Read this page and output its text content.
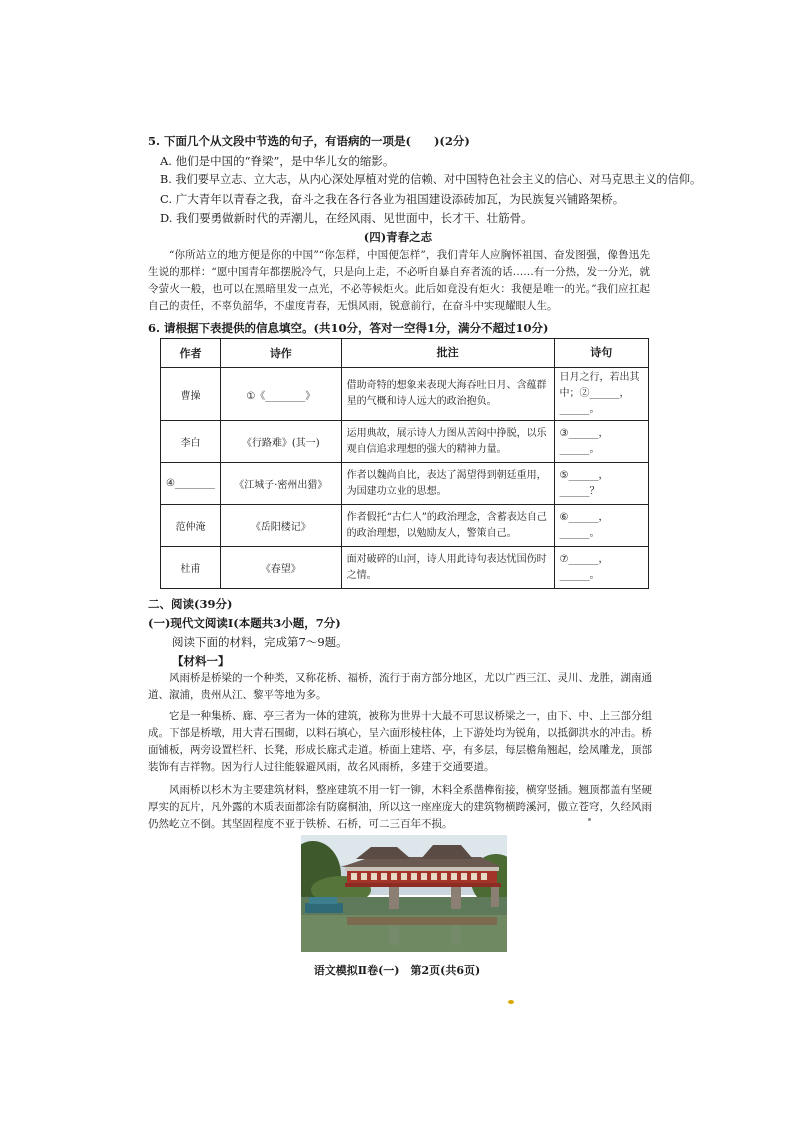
5. 下面几个从文段中节选的句子，有语病的一项是(　　)(2分)
A. 他们是中国的“脊梁”，是中华儿女的缩影。
B. 我们要早立志、立大志，从内心深处厚植对党的信赖、对中国特色社会主义的信心、对马克思主义的信仰。
C. 广大青年以青春之我，奋斗之我在各行各业为祖国建设添砖加瓦，为民族复兴铺路架桥。
D. 我们要勇做新时代的弄潮儿，在经风雨、见世面中，长才干、壮筋骨。
(四)青春之志
“你所站立的地方便是你的中国”“你怎样，中国便怎样”，我们青年人应胸怀祖国、奋发图强，像鲁迅先生说的那样：“愿中国青年都摆脱冷气，只是向上走，不必听自暴自弃者流的话……有一分热，发一分光，就令萤火一般，也可以在黑暗里发一点光，不必等候炬火。此后如竟没有炬火：我便是唯一的光。”我们应扛起自己的责任，不辜负韶华，不虚度青春，无惧风雨，锐意前行，在奋斗中实现耀眼人生。
6. 请根据下表提供的信息填空。(共10分，答对一空得1分，满分不超过10分)
作者	诗作	批注	诗句
曹操	①《________》	借助奇特的想象来表现大海吞吐日月、含蕴群星的气概和诗人远大的政治抱负。	日月之行，若出其中；②______，______。
李白	《行路难》(其一)	运用典故，展示诗人力图从苦闷中挣脱，以乐观自信追求理想的强大的精神力量。	③______，______。
④________	《江城子·密州出猎》	作者以魏尚自比，表达了渴望得到朝廷重用，为国建功立业的思想。	⑤______，______？
范仲淹	《岳阳楼记》	作者假托“古仁人”的政治理念，含蓄表达自己的政治理想，以勉励友人，警策自己。	⑥______，______。
杜甫	《春望》	面对破碎的山河，诗人用此诗句表达忧国伤时之情。	⑦______，______。
二、阅读(39分)
(一)现代文阅读Ⅰ(本题共3小题，7分)
阅读下面的材料，完成第7～9题。
【材料一】
风雨桥是桥梁的一个种类，又称花桥、福桥，流行于南方部分地区，尤以广西三江、灵川、龙胜，湖南通道、溆浦，贵州从江、黎平等地为多。
它是一种集桥、廊、亭三者为一体的建筑，被称为世界十大最不可思议桥梁之一，由下、中、上三部分组成。下部是桥墩，用大青石围砌，以料石填心，呈六面形棱柱体，上下游处均为锐角，以抵御洪水的冲击。桥面铺板，两旁设置栏杆、长凳，形成长廊式走道。桥面上建塔、亭，有多层，每层檐角翘起，绘凤雕龙，顶部装饰有吉祥物。因为行人过往能躲避风雨，故名风雨桥，多建于交通要道。
风雨桥以杉木为主要建筑材料，整座建筑不用一钉一铆，木料全系凿榫衔接，横穿竖插。翘顶都盖有坚硬厚实的瓦片，凡外露的木质表面都涂有防腐桐油，所以这一座座庞大的建筑物横跨溪河，傲立苍穹，久经风雨仍然屹立不倒。其坚固程度不亚于铁桥、石桥，可二三百年不损。
语文模拟Ⅱ卷(一)　第2页(共6页)
